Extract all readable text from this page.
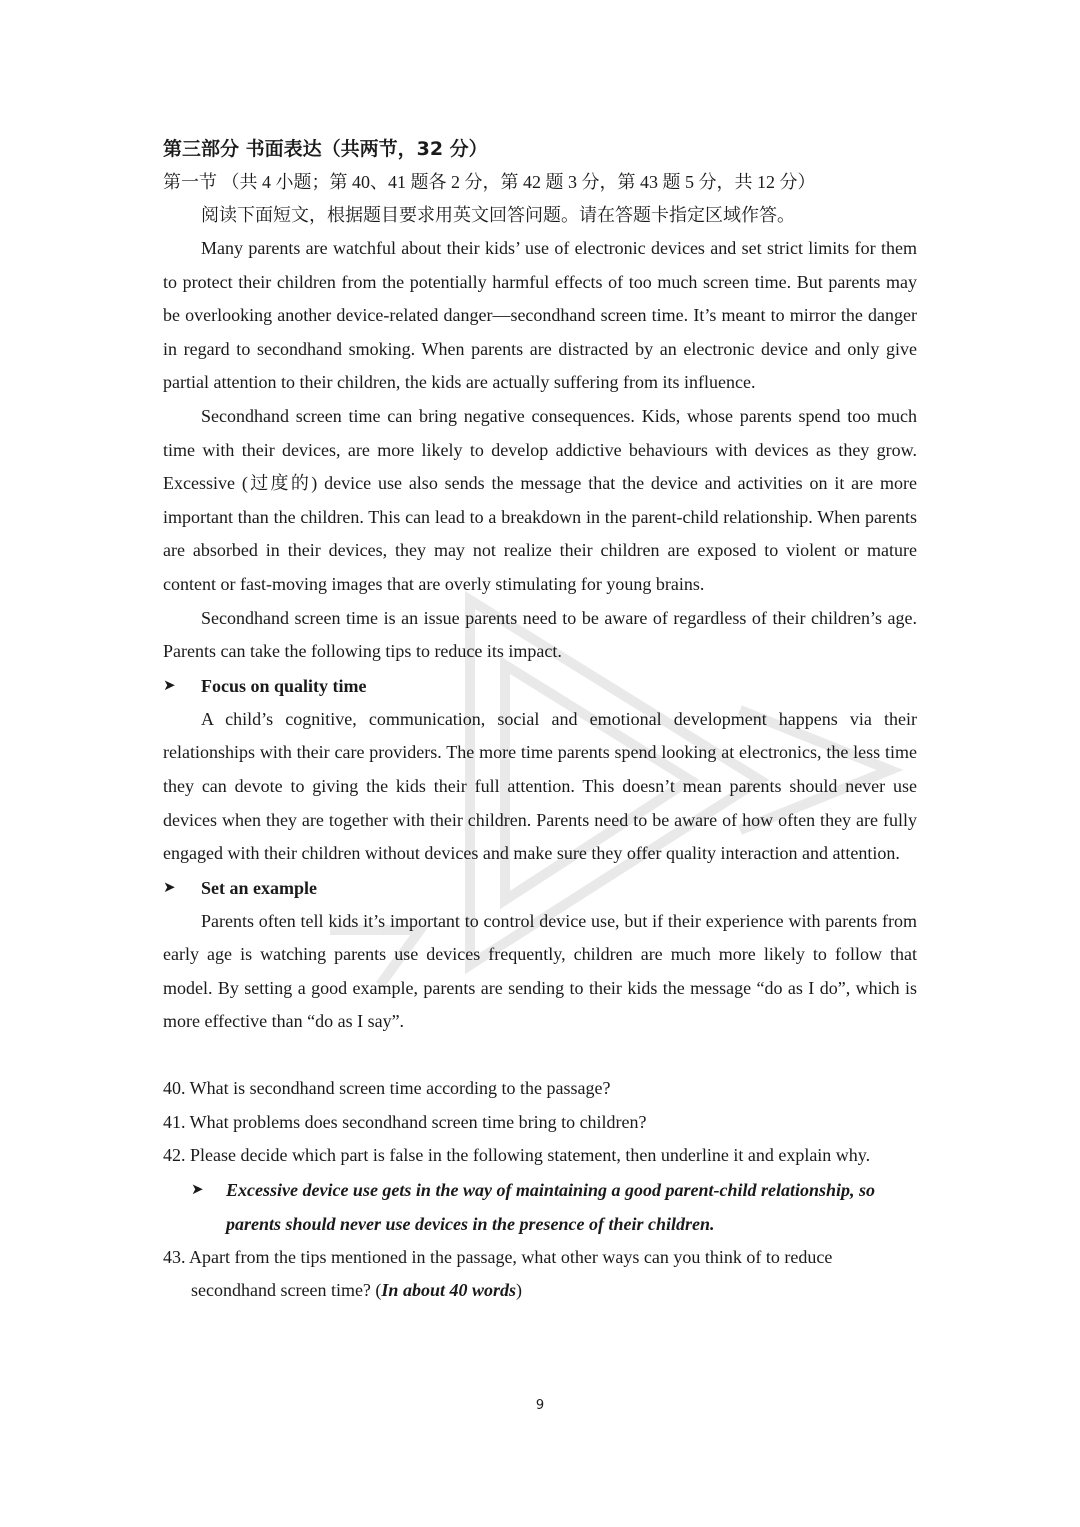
第三部分 书面表达（共两节，32 分）
第一节 （共 4 小题；第 40、41 题各 2 分，第 42 题 3 分，第 43 题 5 分，共 12 分）
阅读下面短文，根据题目要求用英文回答问题。请在答题卡指定区域作答。
Many parents are watchful about their kids’ use of electronic devices and set strict limits for them to protect their children from the potentially harmful effects of too much screen time. But parents may be overlooking another device-related danger—secondhand screen time. It’s meant to mirror the danger in regard to secondhand smoking. When parents are distracted by an electronic device and only give partial attention to their children, the kids are actually suffering from its influence.
Secondhand screen time can bring negative consequences. Kids, whose parents spend too much time with their devices, are more likely to develop addictive behaviours with devices as they grow. Excessive (过度的) device use also sends the message that the device and activities on it are more important than the children. This can lead to a breakdown in the parent-child relationship. When parents are absorbed in their devices, they may not realize their children are exposed to violent or mature content or fast-moving images that are overly stimulating for young brains.
Secondhand screen time is an issue parents need to be aware of regardless of their children’s age. Parents can take the following tips to reduce its impact.
➤	Focus on quality time
A child’s cognitive, communication, social and emotional development happens via their relationships with their care providers. The more time parents spend looking at electronics, the less time they can devote to giving the kids their full attention. This doesn’t mean parents should never use devices when they are together with their children. Parents need to be aware of how often they are fully engaged with their children without devices and make sure they offer quality interaction and attention.
➤	Set an example
Parents often tell kids it’s important to control device use, but if their experience with parents from early age is watching parents use devices frequently, children are much more likely to follow that model. By setting a good example, parents are sending to their kids the message “do as I do”, which is more effective than “do as I say”.
40. What is secondhand screen time according to the passage?
41. What problems does secondhand screen time bring to children?
42. Please decide which part is false in the following statement, then underline it and explain why.
➤	Excessive device use gets in the way of maintaining a good parent-child relationship, so parents should never use devices in the presence of their children.
43. Apart from the tips mentioned in the passage, what other ways can you think of to reduce secondhand screen time? (In about 40 words)
9
